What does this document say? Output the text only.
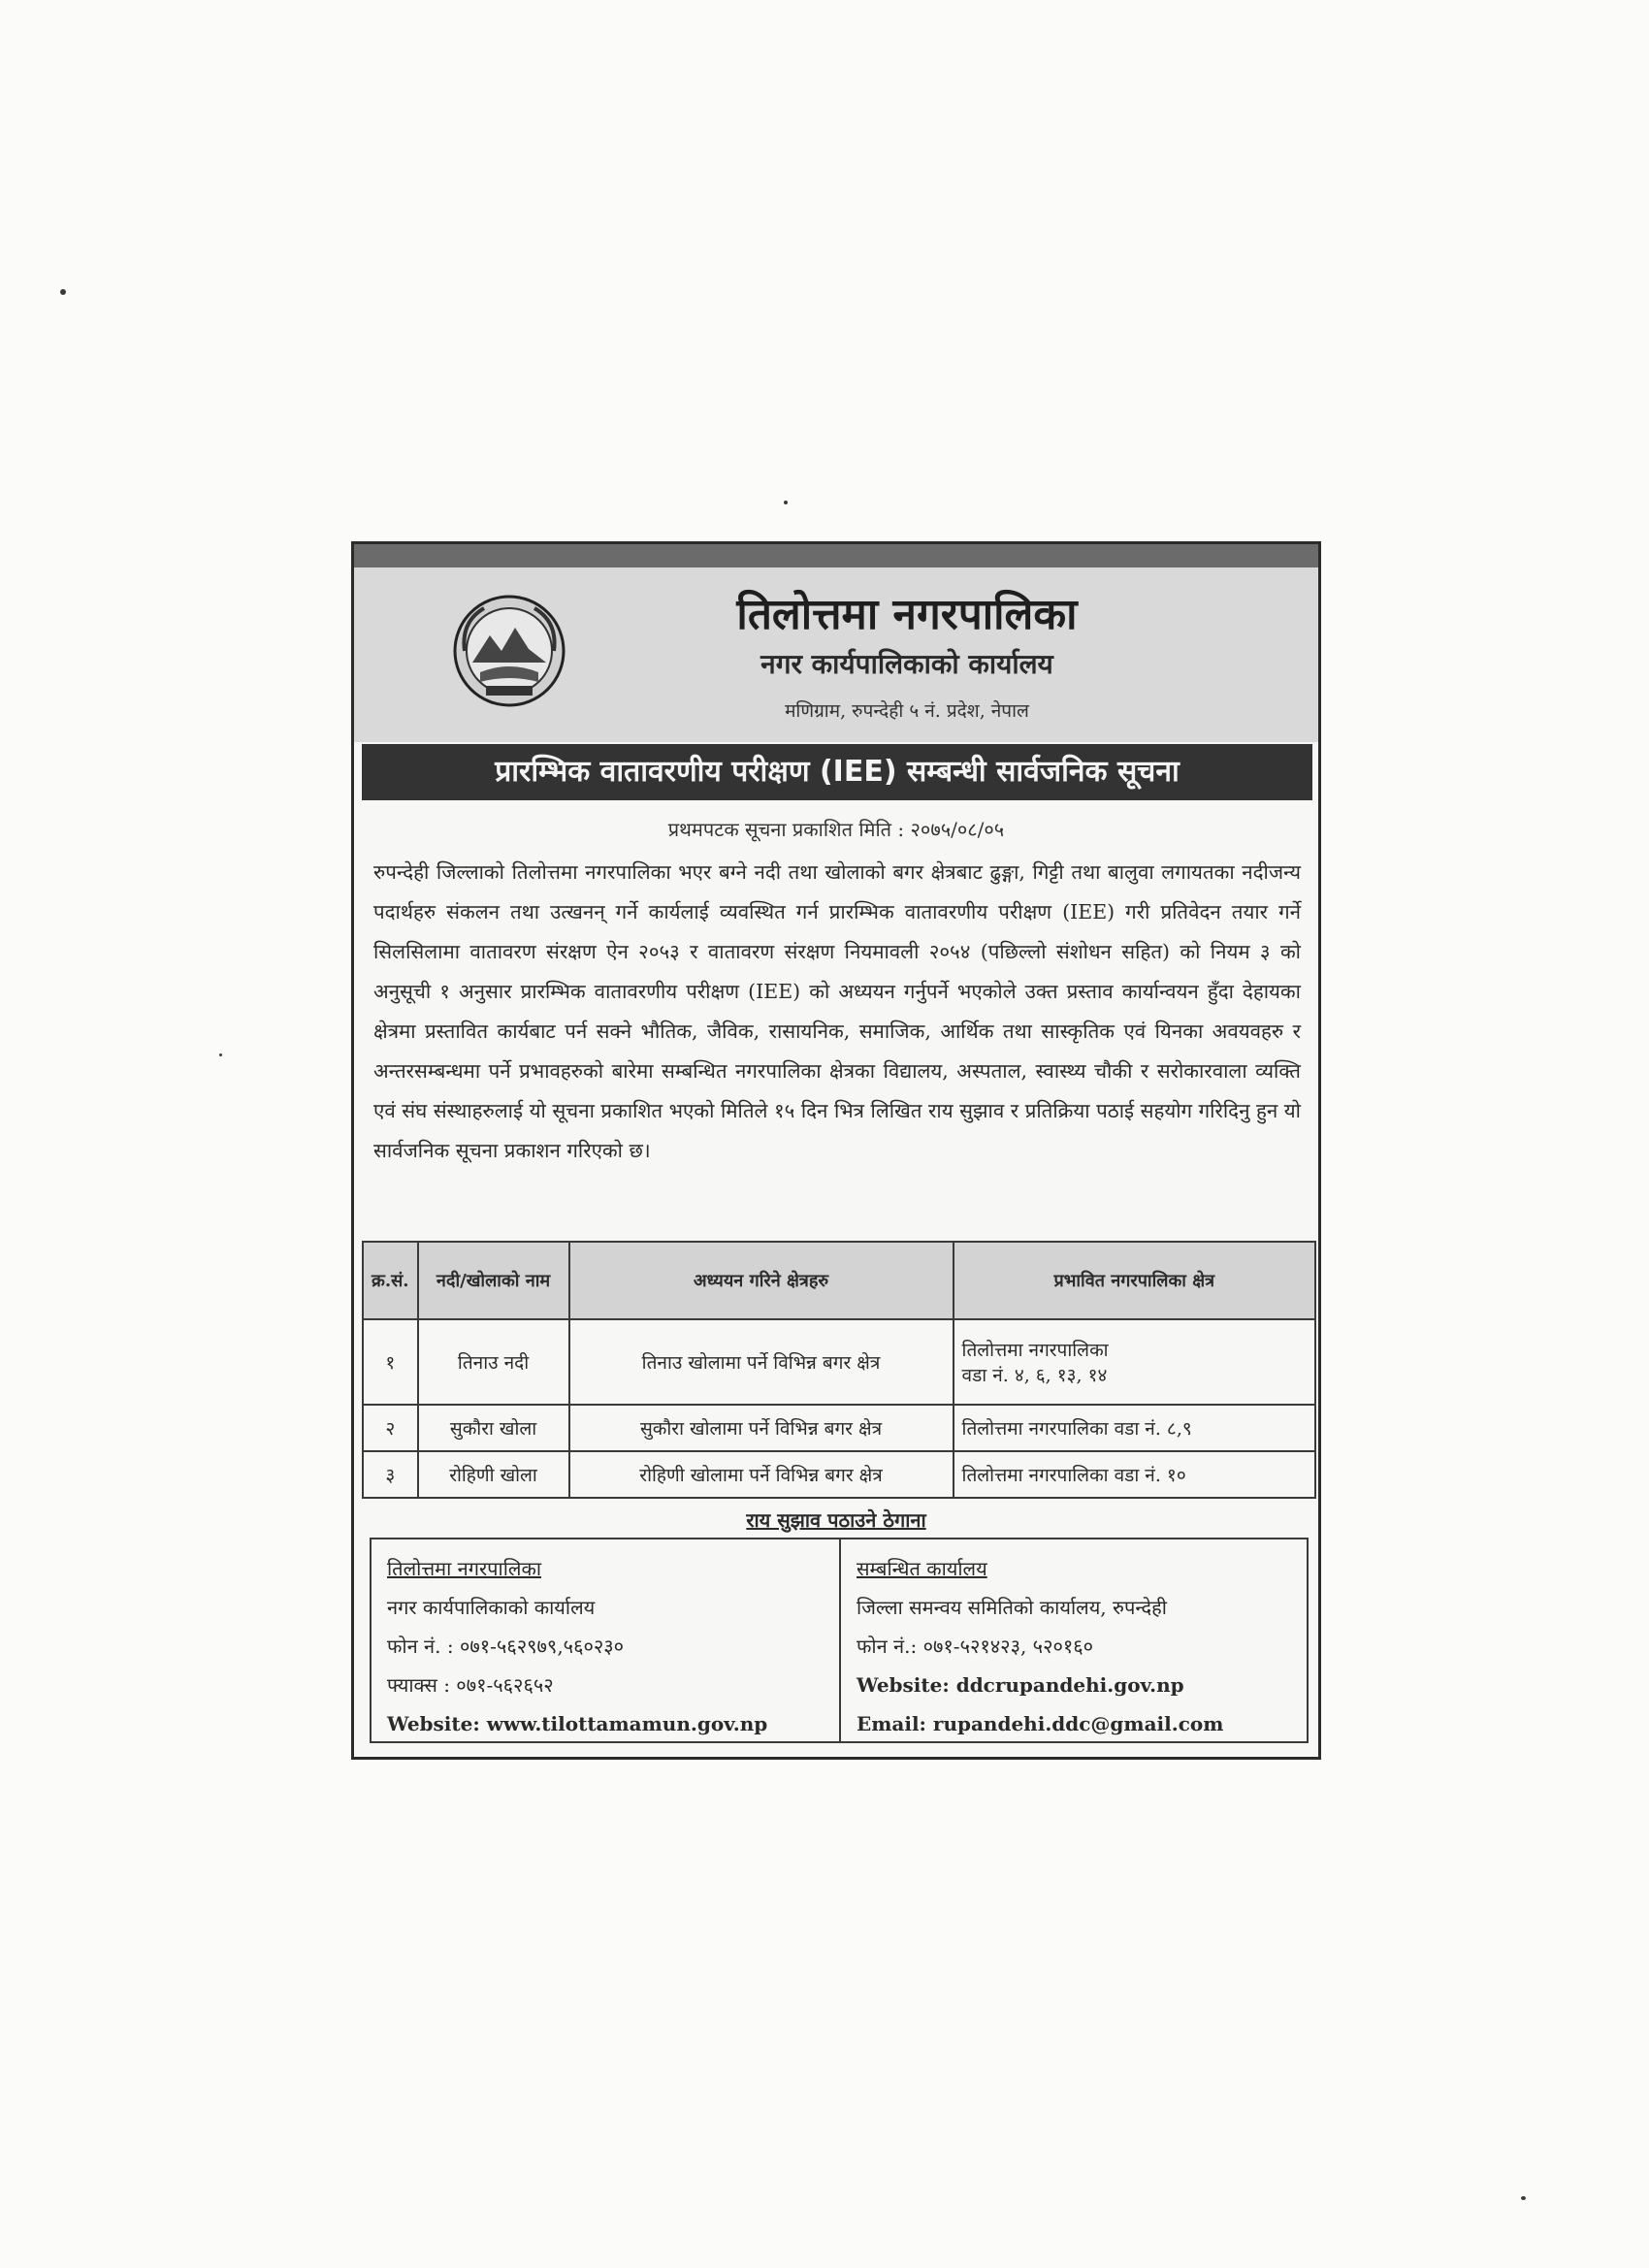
तिलोत्तमा नगरपालिका
नगर कार्यपालिकाको कार्यालय
मणिग्राम, रुपन्देही ५ नं. प्रदेश, नेपाल
प्रारम्भिक वातावरणीय परीक्षण (IEE) सम्बन्धी सार्वजनिक सूचना
प्रथमपटक सूचना प्रकाशित मिति : २०७५/०८/०५
रुपन्देही जिल्लाको तिलोत्तमा नगरपालिका भएर बग्ने नदी तथा खोलाको बगर क्षेत्रबाट ढुङ्गा, गिट्टी तथा बालुवा लगायतका नदीजन्य पदार्थहरु संकलन तथा उत्खनन् गर्ने कार्यलाई व्यवस्थित गर्न प्रारम्भिक वातावरणीय परीक्षण (IEE) गरी प्रतिवेदन तयार गर्ने सिलसिलामा वातावरण संरक्षण ऐन २०५३ र वातावरण संरक्षण नियमावली २०५४ (पछिल्लो संशोधन सहित) को नियम ३ को अनुसूची १ अनुसार प्रारम्भिक वातावरणीय परीक्षण (IEE) को अध्ययन गर्नुपर्ने भएकोले उक्त प्रस्ताव कार्यान्वयन हुँदा देहायका क्षेत्रमा प्रस्तावित कार्यबाट पर्न सक्ने भौतिक, जैविक, रासायनिक, समाजिक, आर्थिक तथा सास्कृतिक एवं यिनका अवयवहरु र अन्तरसम्बन्धमा पर्ने प्रभावहरुको बारेमा सम्बन्धित नगरपालिका क्षेत्रका विद्यालय, अस्पताल, स्वास्थ्य चौकी र सरोकारवाला व्यक्ति एवं संघ संस्थाहरुलाई यो सूचना प्रकाशित भएको मितिले १५ दिन भित्र लिखित राय सुझाव र प्रतिक्रिया पठाई सहयोग गरिदिनु हुन यो सार्वजनिक सूचना प्रकाशन गरिएको छ।
क्र.सं.	नदी/खोलाको नाम	अध्ययन गरिने क्षेत्रहरु	प्रभावित नगरपालिका क्षेत्र
१	तिनाउ नदी	तिनाउ खोलामा पर्ने विभिन्न बगर क्षेत्र	तिलोत्तमा नगरपालिका
वडा नं. ४, ६, १३, १४

२	सुकौरा खोला	सुकौरा खोलामा पर्ने विभिन्न बगर क्षेत्र	तिलोत्तमा नगरपालिका वडा नं. ८,९
३	रोहिणी खोला	रोहिणी खोलामा पर्ने विभिन्न बगर क्षेत्र	तिलोत्तमा नगरपालिका वडा नं. १०
राय सुझाव पठाउने ठेगाना
तिलोत्तमा नगरपालिका
नगर कार्यपालिकाको कार्यालय
फोन नं. : ०७१-५६२९७९,५६०२३०
फ्याक्स : ०७१-५६२६५२
Website: www.tilottamamun.gov.np
सम्बन्धित कार्यालय
जिल्ला समन्वय समितिको कार्यालय, रुपन्देही
फोन नं.: ०७१-५२१४२३, ५२०१६०
Website: ddcrupandehi.gov.np
Email: rupandehi.ddc@gmail.com
